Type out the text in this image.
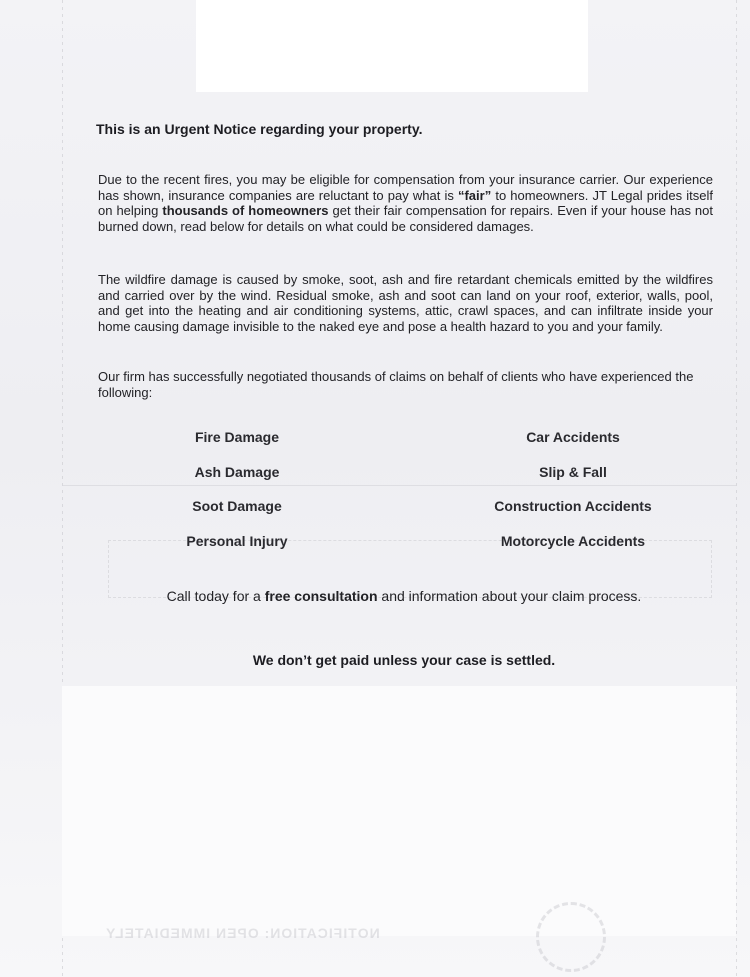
NOTIFICATION: OPEN IMMEDIATELY
This is an Urgent Notice regarding your property.
Due to the recent fires, you may be eligible for compensation from your insurance carrier. Our experience has shown, insurance companies are reluctant to pay what is “fair” to homeowners. JT Legal prides itself on helping thousands of homeowners get their fair compensation for repairs. Even if your house has not burned down, read below for details on what could be considered damages.
The wildfire damage is caused by smoke, soot, ash and fire retardant chemicals emitted by the wildfires and carried over by the wind. Residual smoke, ash and soot can land on your roof, exterior, walls, pool, and get into the heating and air conditioning systems, attic, crawl spaces, and can infiltrate inside your home causing damage invisible to the naked eye and pose a health hazard to you and your family.
Our firm has successfully negotiated thousands of claims on behalf of clients who have experienced the following:
Fire Damage	Car Accidents
Ash Damage	Slip & Fall
Soot Damage	Construction Accidents
Personal Injury	Motorcycle Accidents
Call today for a free consultation and information about your claim process.
We don’t get paid unless your case is settled.
